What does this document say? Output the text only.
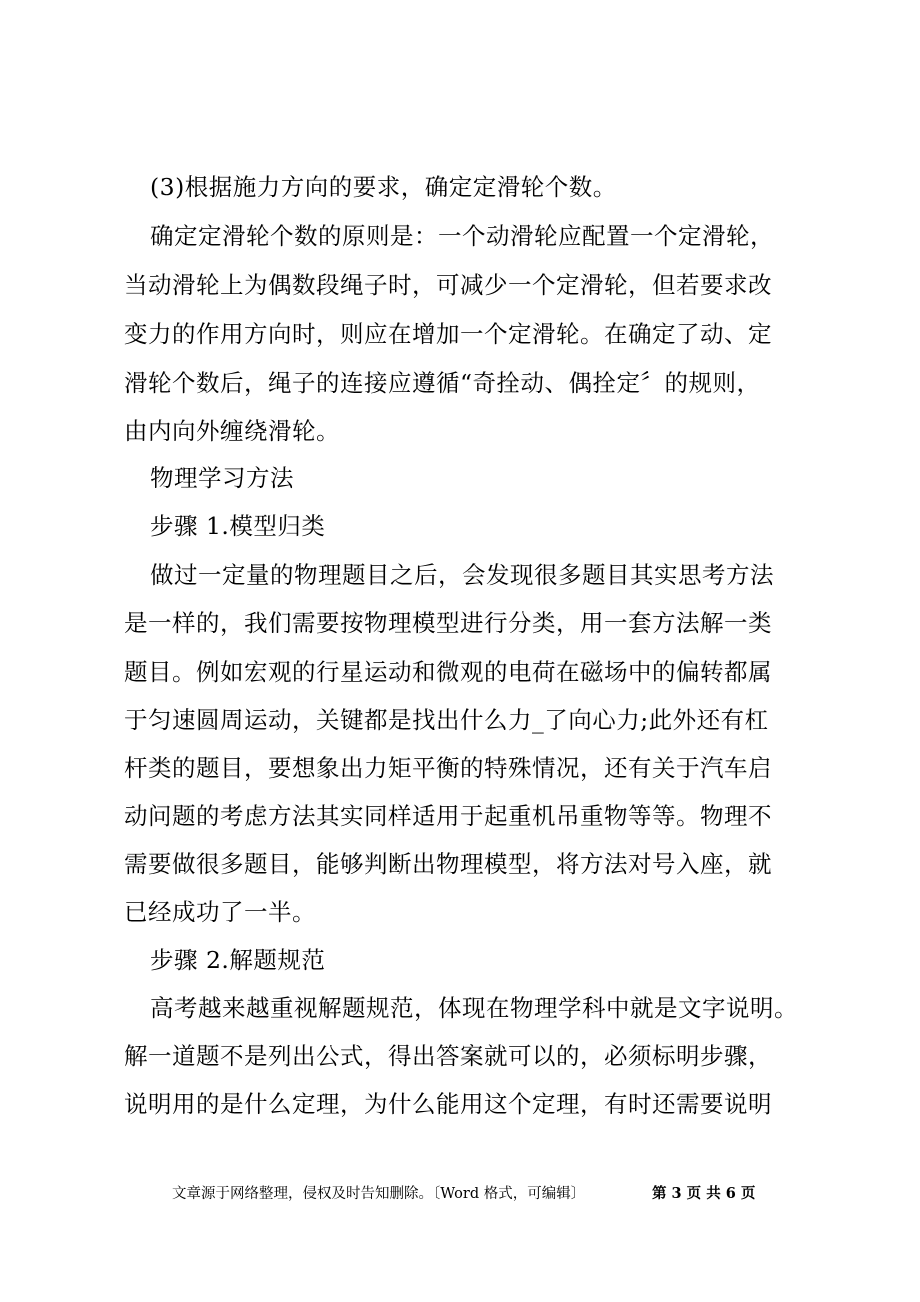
(3)根据施力方向的要求，确定定滑轮个数。
确定定滑轮个数的原则是：一个动滑轮应配置一个定滑轮，
当动滑轮上为偶数段绳子时，可减少一个定滑轮，但若要求改
变力的作用方向时，则应在增加一个定滑轮。在确定了动、定
滑轮个数后，绳子的连接应遵循“奇拴动、偶拴定〞的规则，
由内向外缠绕滑轮。
物理学习方法
步骤 1.模型归类
做过一定量的物理题目之后，会发现很多题目其实思考方法
是一样的，我们需要按物理模型进行分类，用一套方法解一类
题目。例如宏观的行星运动和微观的电荷在磁场中的偏转都属
于匀速圆周运动，关键都是找出什么力_了向心力;此外还有杠
杆类的题目，要想象出力矩平衡的特殊情况，还有关于汽车启
动问题的考虑方法其实同样适用于起重机吊重物等等。物理不
需要做很多题目，能够判断出物理模型，将方法对号入座，就
已经成功了一半。
步骤 2.解题规范
高考越来越重视解题规范，体现在物理学科中就是文字说明。
解一道题不是列出公式，得出答案就可以的，必须标明步骤，
说明用的是什么定理，为什么能用这个定理，有时还需要说明
文章源于网络整理，侵权及时告知删除。〔Word 格式，可编辑〕	第 3 页 共 6 页
